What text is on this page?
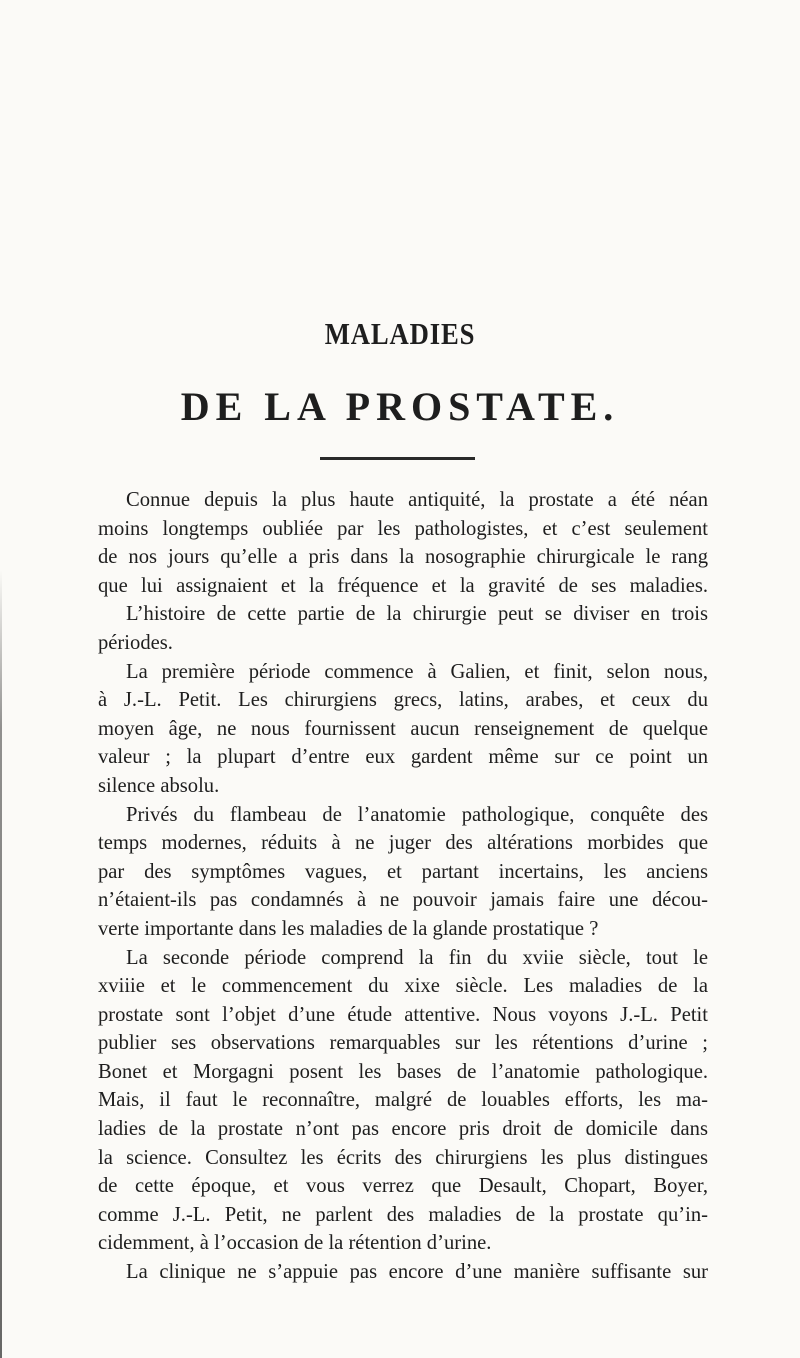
MALADIES
DE LA PROSTATE.
Connue depuis la plus haute antiquité, la prostate a été néan
moins longtemps oubliée par les pathologistes, et c’est seulement
de nos jours qu’elle a pris dans la nosographie chirurgicale le rang
que lui assignaient et la fréquence et la gravité de ses maladies.
L’histoire de cette partie de la chirurgie peut se diviser en trois
périodes.
La première période commence à Galien, et finit, selon nous,
à J.-L. Petit. Les chirurgiens grecs, latins, arabes, et ceux du
moyen âge, ne nous fournissent aucun renseignement de quelque
valeur ; la plupart d’entre eux gardent même sur ce point un
silence absolu.
Privés du flambeau de l’anatomie pathologique, conquête des
temps modernes, réduits à ne juger des altérations morbides que
par des symptômes vagues, et partant incertains, les anciens
n’étaient-ils pas condamnés à ne pouvoir jamais faire une décou-
verte importante dans les maladies de la glande prostatique ?
La seconde période comprend la fin du xviie siècle, tout le
xviiie et le commencement du xixe siècle. Les maladies de la
prostate sont l’objet d’une étude attentive. Nous voyons J.-L. Petit
publier ses observations remarquables sur les rétentions d’urine ;
Bonet et Morgagni posent les bases de l’anatomie pathologique.
Mais, il faut le reconnaître, malgré de louables efforts, les ma-
ladies de la prostate n’ont pas encore pris droit de domicile dans
la science. Consultez les écrits des chirurgiens les plus distingues
de cette époque, et vous verrez que Desault, Chopart, Boyer,
comme J.-L. Petit, ne parlent des maladies de la prostate qu’in-
cidemment, à l’occasion de la rétention d’urine.
La clinique ne s’appuie pas encore d’une manière suffisante sur
